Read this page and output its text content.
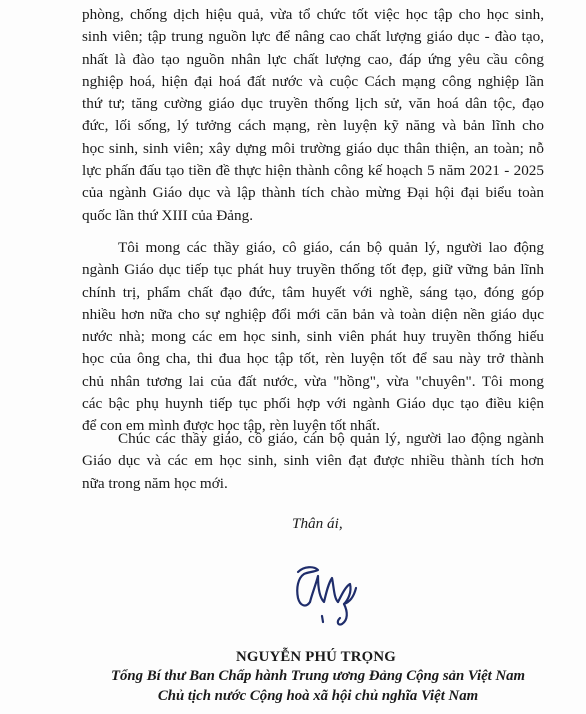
phòng, chống dịch hiệu quả, vừa tổ chức tốt việc học tập cho học sinh,
sinh viên; tập trung nguồn lực để nâng cao chất lượng giáo dục - đào tạo,
nhất là đào tạo nguồn nhân lực chất lượng cao, đáp ứng yêu cầu công
nghiệp hoá, hiện đại hoá đất nước và cuộc Cách mạng công nghiệp lần
thứ tư; tăng cường giáo dục truyền thống lịch sử, văn hoá dân tộc, đạo
đức, lối sống, lý tưởng cách mạng, rèn luyện kỹ năng và bản lĩnh cho
học sinh, sinh viên; xây dựng môi trường giáo dục thân thiện, an toàn; nỗ
lực phấn đấu tạo tiền đề thực hiện thành công kế hoạch 5 năm 2021 - 2025
của ngành Giáo dục và lập thành tích chào mừng Đại hội đại biểu toàn
quốc lần thứ XIII của Đảng.
Tôi mong các thầy giáo, cô giáo, cán bộ quản lý, người lao động
ngành Giáo dục tiếp tục phát huy truyền thống tốt đẹp, giữ vững bản lĩnh
chính trị, phẩm chất đạo đức, tâm huyết với nghề, sáng tạo, đóng góp
nhiều hơn nữa cho sự nghiệp đổi mới căn bản và toàn diện nền giáo dục
nước nhà; mong các em học sinh, sinh viên phát huy truyền thống hiếu
học của ông cha, thi đua học tập tốt, rèn luyện tốt để sau này trở thành
chủ nhân tương lai của đất nước, vừa "hồng", vừa "chuyên". Tôi mong
các bậc phụ huynh tiếp tục phối hợp với ngành Giáo dục tạo điều kiện
để con em mình được học tập, rèn luyện tốt nhất.
Chúc các thầy giáo, cô giáo, cán bộ quản lý, người lao động ngành
Giáo dục và các em học sinh, sinh viên đạt được nhiều thành tích hơn
nữa trong năm học mới.
Thân ái,
NGUYỄN PHÚ TRỌNG
Tổng Bí thư Ban Chấp hành Trung ương Đảng Cộng sản Việt Nam
Chủ tịch nước Cộng hoà xã hội chủ nghĩa Việt Nam
